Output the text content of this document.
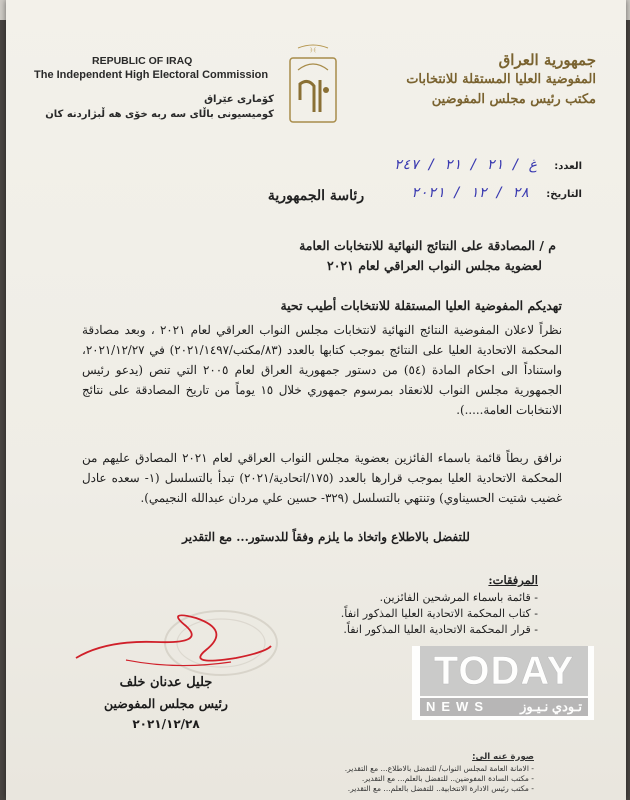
REPUBLIC OF IRAQ
The Independent High Electoral Commission
کۆماری عێراق
کومیسیونی باڵای سه ربه خۆی هه ڵبژاردنه کان
﴿﴾
جمهورية العراق
المفوضية العليا المستقلة للانتخابات
مكتب رئيس مجلس المفوضين
العدد: غ / ٢١ / ٢١ / ٢٤٧
التاريخ: ٢٨ / ١٢ / ٢٠٢١
رئاسة الجمهورية
م / المصادقة على النتائج النهائية للانتخابات العامة
لعضوية مجلس النواب العراقي لعام ٢٠٢١
تهديكم المفوضية العليا المستقلة للانتخابات أطيب تحية
نظراً لاعلان المفوضية النتائج النهائية لانتخابات مجلس النواب العراقي لعام ٢٠٢١ ، وبعد مصادقة المحكمة الاتحادية العليا على النتائج بموجب كتابها بالعدد (٨٣/مكتب/٢٠٢١/١٤٩٧) في ٢٠٢١/١٢/٢٧، واستناداً الى احكام المادة (٥٤) من دستور جمهورية العراق لعام ٢٠٠٥ التي تنص (يدعو رئيس الجمهورية مجلس النواب للانعقاد بمرسوم جمهوري خلال ١٥ يوماً من تاريخ المصادقة على نتائج الانتخابات العامة.....).
نرافق ربطاً قائمة باسماء الفائزين بعضوية مجلس النواب العراقي لعام ٢٠٢١ المصادق عليهم من المحكمة الاتحادية العليا بموجب قرارها بالعدد (١٧٥/اتحادية/٢٠٢١) تبدأ بالتسلسل (١- سعده عادل غضيب شتيت الحسيناوي) وتنتهي بالتسلسل (٣٢٩- حسين علي مردان عبدالله النجيمي).
للتفضل بالاطلاع واتخاذ ما يلزم وفقاً للدستور... مع التقدير
المرفقات:
- قائمة باسماء المرشحين الفائزين.
- كتاب المحكمة الاتحادية العليا المذكور انفاً.
- قرار المحكمة الاتحادية العليا المذكور انفاً.
جليل عدنان خلف
رئيس مجلس المفوضين
٢٠٢١/١٢/٢٨
صورة عنه الى:
- الامانة العامة لمجلس النواب/ للتفضل بالاطلاع... مع التقدير.
- مكتب السادة المفوضين.. للتفضل بالعلم... مع التقدير.
- مكتب رئيس الادارة الانتخابية.. للتفضل بالعلم... مع التقدير.
TODAY
NEWS تـودي نـيـوز
